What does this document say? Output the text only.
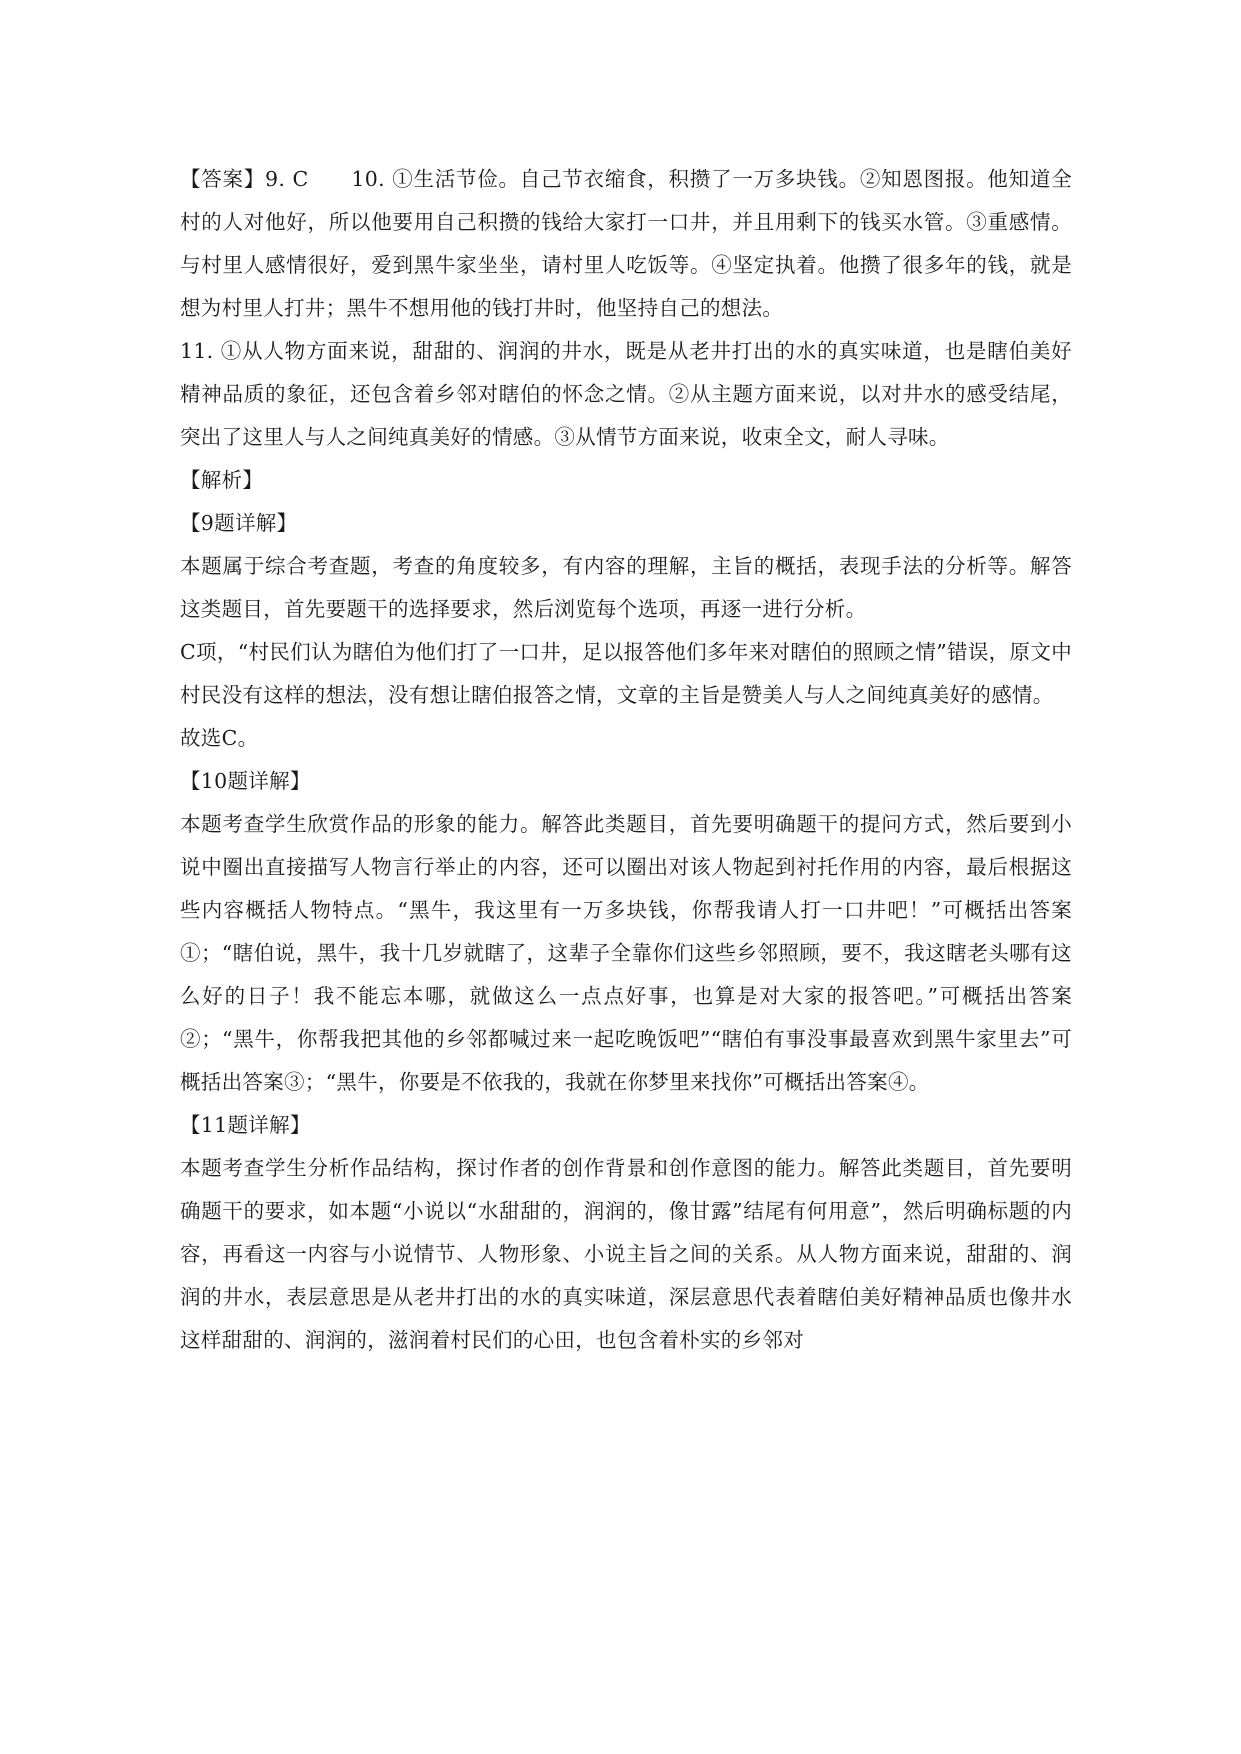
【答案】9. C　　10. ①生活节俭。自己节衣缩食，积攒了一万多块钱。②知恩图报。他知道全村的人对他好，所以他要用自己积攒的钱给大家打一口井，并且用剩下的钱买水管。③重感情。与村里人感情很好，爱到黑牛家坐坐，请村里人吃饭等。④坚定执着。他攒了很多年的钱，就是想为村里人打井；黑牛不想用他的钱打井时，他坚持自己的想法。

11. ①从人物方面来说，甜甜的、润润的井水，既是从老井打出的水的真实味道，也是瞎伯美好精神品质的象征，还包含着乡邻对瞎伯的怀念之情。②从主题方面来说，以对井水的感受结尾，突出了这里人与人之间纯真美好的情感。③从情节方面来说，收束全文，耐人寻味。

【解析】

【9题详解】

本题属于综合考查题，考查的角度较多，有内容的理解，主旨的概括，表现手法的分析等。解答这类题目，首先要题干的选择要求，然后浏览每个选项，再逐一进行分析。

C项，“村民们认为瞎伯为他们打了一口井，足以报答他们多年来对瞎伯的照顾之情”错误，原文中村民没有这样的想法，没有想让瞎伯报答之情，文章的主旨是赞美人与人之间纯真美好的感情。

故选C。

【10题详解】

本题考查学生欣赏作品的形象的能力。解答此类题目，首先要明确题干的提问方式，然后要到小说中圈出直接描写人物言行举止的内容，还可以圈出对该人物起到衬托作用的内容，最后根据这些内容概括人物特点。“黑牛，我这里有一万多块钱，你帮我请人打一口井吧！”可概括出答案①；“瞎伯说，黑牛，我十几岁就瞎了，这辈子全靠你们这些乡邻照顾，要不，我这瞎老头哪有这么好的日子！我不能忘本哪，就做这么一点点好事，也算是对大家的报答吧。”可概括出答案②；“黑牛，你帮我把其他的乡邻都喊过来一起吃晚饭吧”“瞎伯有事没事最喜欢到黑牛家里去”可概括出答案③；“黑牛，你要是不依我的，我就在你梦里来找你”可概括出答案④。

【11题详解】

本题考查学生分析作品结构，探讨作者的创作背景和创作意图的能力。解答此类题目，首先要明确题干的要求，如本题“小说以“水甜甜的，润润的，像甘露”结尾有何用意”，然后明确标题的内容，再看这一内容与小说情节、人物形象、小说主旨之间的关系。从人物方面来说，甜甜的、润润的井水，表层意思是从老井打出的水的真实味道，深层意思代表着瞎伯美好精神品质也像井水这样甜甜的、润润的，滋润着村民们的心田，也包含着朴实的乡邻对
